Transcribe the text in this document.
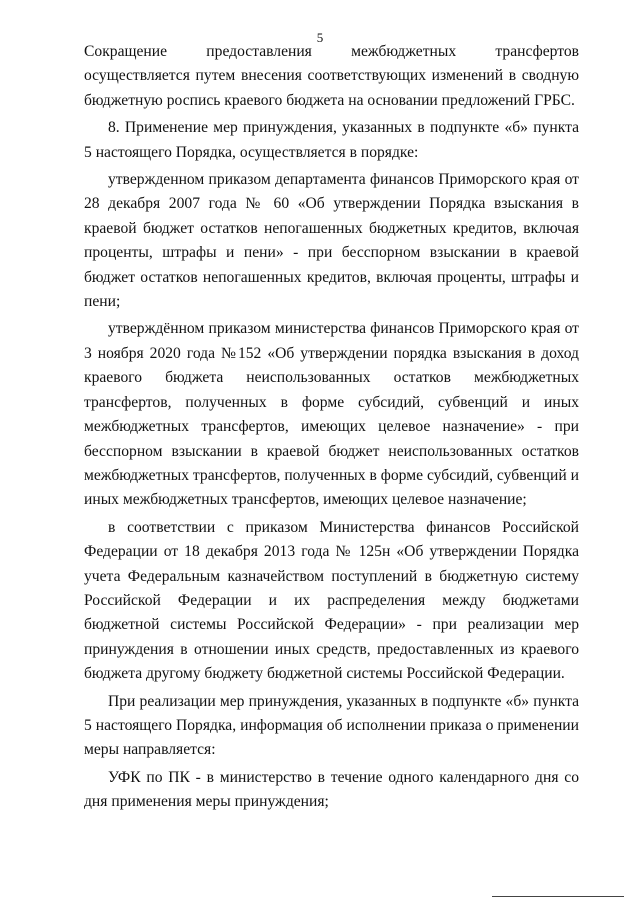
5

Сокращение предоставления межбюджетных трансфертов осуществляется путем внесения соответствующих изменений в сводную бюджетную роспись краевого бюджета на основании предложений ГРБС.

8. Применение мер принуждения, указанных в подпункте «б» пункта 5 настоящего Порядка, осуществляется в порядке:

утвержденном приказом департамента финансов Приморского края от 28 декабря 2007 года № 60 «Об утверждении Порядка взыскания в краевой бюджет остатков непогашенных бюджетных кредитов, включая проценты, штрафы и пени» - при бесспорном взыскании в краевой бюджет остатков непогашенных кредитов, включая проценты, штрафы и пени;

утверждённом приказом министерства финансов Приморского края от 3 ноября 2020 года №152 «Об утверждении порядка взыскания в доход краевого бюджета неиспользованных остатков межбюджетных трансфертов, полученных в форме субсидий, субвенций и иных межбюджетных трансфертов, имеющих целевое назначение» - при бесспорном взыскании в краевой бюджет неиспользованных остатков межбюджетных трансфертов, полученных в форме субсидий, субвенций и иных межбюджетных трансфертов, имеющих целевое назначение;

в соответствии с приказом Министерства финансов Российской Федерации от 18 декабря 2013 года № 125н «Об утверждении Порядка учета Федеральным казначейством поступлений в бюджетную систему Российской Федерации и их распределения между бюджетами бюджетной системы Российской Федерации» - при реализации мер принуждения в отношении иных средств, предоставленных из краевого бюджета другому бюджету бюджетной системы Российской Федерации.

При реализации мер принуждения, указанных в подпункте «б» пункта 5 настоящего Порядка, информация об исполнении приказа о применении меры направляется:

УФК по ПК - в министерство в течение одного календарного дня со дня применения меры принуждения;
